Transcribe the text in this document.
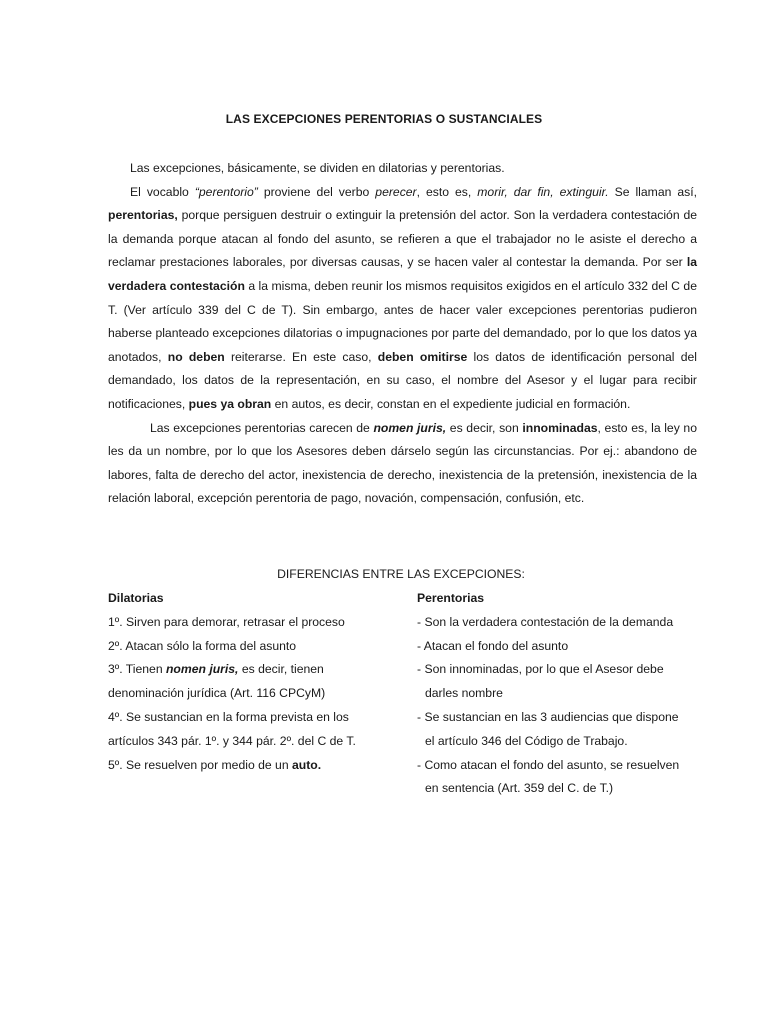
LAS EXCEPCIONES PERENTORIAS O SUSTANCIALES

Las excepciones, básicamente, se dividen en dilatorias y perentorias.

El vocablo “perentorio” proviene del verbo perecer, esto es, morir, dar fin, extinguir. Se llaman así, perentorias, porque persiguen destruir o extinguir la pretensión del actor. Son la verdadera contestación de la demanda porque atacan al fondo del asunto, se refieren a que el trabajador no le asiste el derecho a reclamar prestaciones laborales, por diversas causas, y se hacen valer al contestar la demanda. Por ser la verdadera contestación a la misma, deben reunir los mismos requisitos exigidos en el artículo 332 del C de T. (Ver artículo 339 del C de T). Sin embargo, antes de hacer valer excepciones perentorias pudieron haberse planteado excepciones dilatorias o impugnaciones por parte del demandado, por lo que los datos ya anotados, no deben reiterarse. En este caso, deben omitirse los datos de identificación personal del demandado, los datos de la representación, en su caso, el nombre del Asesor y el lugar para recibir notificaciones, pues ya obran en autos, es decir, constan en el expediente judicial en formación.

Las excepciones perentorias carecen de nomen juris, es decir, son innominadas, esto es, la ley no les da un nombre, por lo que los Asesores deben dárselo según las circunstancias. Por ej.: abandono de labores, falta de derecho del actor, inexistencia de derecho, inexistencia de la pretensión, inexistencia de la relación laboral, excepción perentoria de pago, novación, compensación, confusión, etc.

DIFERENCIAS ENTRE LAS EXCEPCIONES:
Dilatorias
1º. Sirven para demorar, retrasar el proceso
2º. Atacan sólo la forma del asunto
3º. Tienen nomen juris, es decir, tienen
denominación jurídica (Art. 116 CPCyM)
4º. Se sustancian en la forma prevista en los
artículos 343 pár. 1º. y 344 pár. 2º. del C de T.
5º. Se resuelven por medio de un auto.
Perentorias
- Son la verdadera contestación de la demanda
- Atacan el fondo del asunto
- Son innominadas, por lo que el Asesor debe
darles nombre
- Se sustancian en las 3 audiencias que dispone
el artículo 346 del Código de Trabajo.
- Como atacan el fondo del asunto, se resuelven
en sentencia (Art. 359 del C. de T.)
